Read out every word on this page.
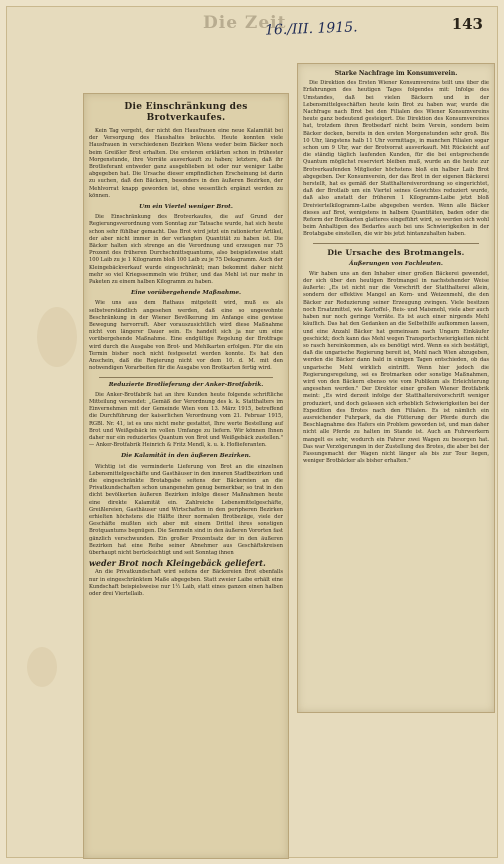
Die Zeit
16./III. 1915.	143
Die Einschränkung des Brotverkaufes.

Kein Tag vergeht, der nicht den Hausfrauen eine neue Kalamität bei der Versorgung des Haushaltes bräuchte. Heute konnten viele Hausfrauen in verschiedenen Bezirken Wiens weder beim Bäcker noch beim Greißler Brot erhalten. Die ersteren erklärten schon in frühester Morgenstunde, ihre Vorräte ausverkauft zu haben; letztere, daß ihr Brotlieferant entweder ganz ausgeblieben ist oder nur weniger Laibe abgegeben hat. Die Ursache dieser empfindlichen Erscheinung ist darin zu suchen, daß den Bäckern, besonders in den äußeren Bezirken, der Mehlvorrat knapp geworden ist, ohne wesentlich ergänzt werden zu können.

Um ein Viertel weniger Brot.

Die Einschränkung des Brotverkaufes, die auf Grund der Regierungsverordnung vom Sonntag zur Tatsache wurde, hat sich heute schon sehr fühlbar gemacht. Das Brot wird jetzt ein rationierter Artikel, der aber nicht immer in der verlangten Quantität zu haben ist. Die Bäcker halten sich strenge an die Verordnung und erzeugen nur 75 Prozent des früheren Durchschnittsquantums, also beispielsweise statt 100 Laib zu je 1 Kilogramm bloß 100 Laib zu je 75 Dekagramm. Auch der Kleingebäckverkauf wurde eingeschränkt; man bekommt daher nicht mehr so viel Kriegssemmeln wie früher, und das Mehl ist nur mehr in Paketen zu einem halben Kilogramm zu haben.

Eine vorübergehende Maßnahme.

Wie uns aus dem Rathaus mitgeteilt wird, muß es als selbstverständlich angesehen werden, daß eine so ungewohnte Beschränkung in der Wiener Bevölkerung im Anfange eine gewisse Bewegung hervorruft. Aber vorauszusichtlich wird diese Maßnahme nicht von längerer Dauer sein. Es handelt sich ja nur um eine vorübergehende Maßnahme. Eine endgültige Regelung der Brotfrage wird durch die Ausgabe von Brot- und Mehlkarten erfolgen. Für die ein Termin bisher noch nicht festgesetzt werden konnte. Es hat den Anschein, daß die Regierung nicht vor dem 10. d. M. mit den notwendigen Vorarbeiten für die Ausgabe von Brotkarten fertig wird.

Reduzierte Brotlieferung der Anker-Brotfabrik.

Die Anker-Brotfabrik hat an ihre Kunden heute folgende schriftliche Mitteilung versendet: „Gemäß der Verordnung des k. k. Statthalters im Einvernehmen mit der Gemeinde Wien vom 13. März 1915, betreffend die Durchführung der kaiserlichen Verordnung vom 21. Februar 1915, RGBl. Nr. 41, ist es uns nicht mehr gestattet, Ihre werte Bestellung auf Brot und Weißgebäck im vollen Umfange zu liefern. Wir können Ihnen daher nur ein reduziertes Quantum von Brot und Weißgebäck zustellen." — Anker-Brotfabrik Heinrich & Fritz Mendl, k. u. k. Hoflieferanten.

Die Kalamität in den äußeren Bezirken.

Wichtig ist die verminderte Lieferung von Brot an die einzelnen Lebensmittelgeschäfte und Gasthäuser in den inneren Stadtbezirken und die eingeschränkte Brotabgabe seitens der Bäckereien an die Privatkundschaften schon unangenehm genug bemerkbar, so trat in den dicht bevölkerten äußeren Bezirken infolge dieser Maßnahmen heute eine direkte Kalamität ein. Zahlreiche Lebensmittelgeschäfte, Greißlereien, Gasthäuser und Wirtschaften in den peripheren Bezirken erhielten höchstens die Hälfte ihrer normalen Brotbezüge, viele der Geschäfte mußten sich aber mit einem Drittel ihres sonstigen Brotquantums begnügen. Die Semmeln sind in den äußeren Vororten fast gänzlich verschwunden. Ein großer Prozentsatz der in den äußeren Bezirken hat eine Reihe seiner Abnehmer aus Geschäftskreisen überhaupt nicht berücksichtigt und seit Sonntag ihnen

weder Brot noch Kleingebäck geliefert.

An die Privatkundschaft wird seitens der Bäckereien Brot ebenfalls nur in eingeschränktem Maße abgegeben. Statt zweier Laibe erhält eine Kundschaft beispielsweise nur 1½ Laib, statt eines ganzen einen halben oder drei Viertellaib.

Starke Nachfrage im Konsumverein.

Die Direktion des Ersten Wiener Konsumvereins teilt uns über die Erfahrungen des heutigen Tages folgendes mit: Infolge des Umstandes, daß bei vielen Bäckern und in der Lebensmittelgeschäften heute kein Brot zu haben war, wurde die Nachfrage nach Brot bei den Filialen des Wiener Konsumvereins heute ganz bedeutend gesteigert. Die Direktion des Konsumvereines hat, trotzdem ihren Brotbedarf nicht beim Verein, sondern beim Bäcker decken, bereits in den ersten Morgenstunden sehr groß. Bis 10 Uhr, längstens halb 11 Uhr vormittags, in manchen Filialen sogar schon um 9 Uhr, war der Brotvorrat ausverkauft. Mit Rücksicht auf die ständig täglich laufenden Kunden, für die bei entsprechende Quantum möglichst reserviert bleiben muß, wurde an die heute zur Brotverkaufenden Mitglieder höchstens bloß ein halber Laib Brot abgegeben. Der Konsumverein, der das Brot in der eigenen Bäckerei herstellt, hat es gemäß der Statthaltereiverordnung so eingerichtet, daß der Brotlaib um ein Viertel seines Gewichtes reduziert wurde, daß also anstatt der früheren 1 Kilogramm-Laibe jetzt bloß Dreiviertelkilogramm-Laibe abgegeben werden. Wenn alle Bäcker dieses auf Brot, wenigstens in halbem Quantitäten, baden oder die Reform der Brotkarten glatteres eingeführt wird, so werden sich wohl beim Anhaltigen des Bedarfes auch bei uns Schwierigkeiten in der Brotabgabe einstellen, die wir bis jetzt hintanzuhalten haben.

Die Ursache des Brotmangels.
Äußerungen von Fachleuten.

Wir haben uns an den Inhaber einer großen Bäckerei gewendet, der sich über den heutigen Brotmangel in nachstehender Weise äußerte: „Es ist nicht nur die Vorschrift der Statthalterei allein, sondern der effektive Mangel an Korn- und Weizenmehl, die den Bäcker zur Reduzierung seiner Erzeugung zwingen. Viele besitzen noch Ersatzmittel, wie Kartoffel-, Reis- und Maismehl, viele aber auch haben nur noch geringe Vorräte. Es ist auch einer nirgends Mehl käuflich. Das hat den Gedanken an die Selbsthilfe aufkommen lassen, und eine Anzahl Bäcker hat gemeinsam nach Ungarn Einkäufer geschickt; doch kann das Mehl wegen Transportschwierigkeiten nicht so rasch hereinkommen, als es benötigt wird. Wenn es sich bestätigt, daß die ungarische Regierung bereit ist, Mehl nach Wien abzugeben, werden die Bäcker dann bald in einigen Tagen entschieden, ob das ungarische Mehl wirklich eintrifft. Wenn hier jedoch die Regierungsregelung, sei es Brotmarken oder sonstige Maßnahmen, wird von den Bäckern ebenso wie vom Publikum als Erleichterung angesehen werden." Der Direktor einer großen Wiener Brotfabrik meint: „Es wird derzeit infolge der Statthaltereivorschrift weniger produziert, und doch gelassen sich erheblich Schwierigkeiten bei der Expedition des Brotes nach den Filialen. Es ist nämlich ein ausreichender Fuhrpark, da die Fütterung der Pferde durch die Beschlagnahme des Hafers ein Problem geworden ist, und man daher nicht alle Pferde zu halten im Stande ist. Auch an Fuhrwerkern mangelt es sehr, wodurch ein Fahrer zwei Wagen zu besorgen hat. Das war Verzögerungen in der Zustellung des Brotes, die aber bei der Fassungsmacht der Wagen nicht länger als bis zur Tour liegen, weniger Brotbäcker als bisher erhalten."
